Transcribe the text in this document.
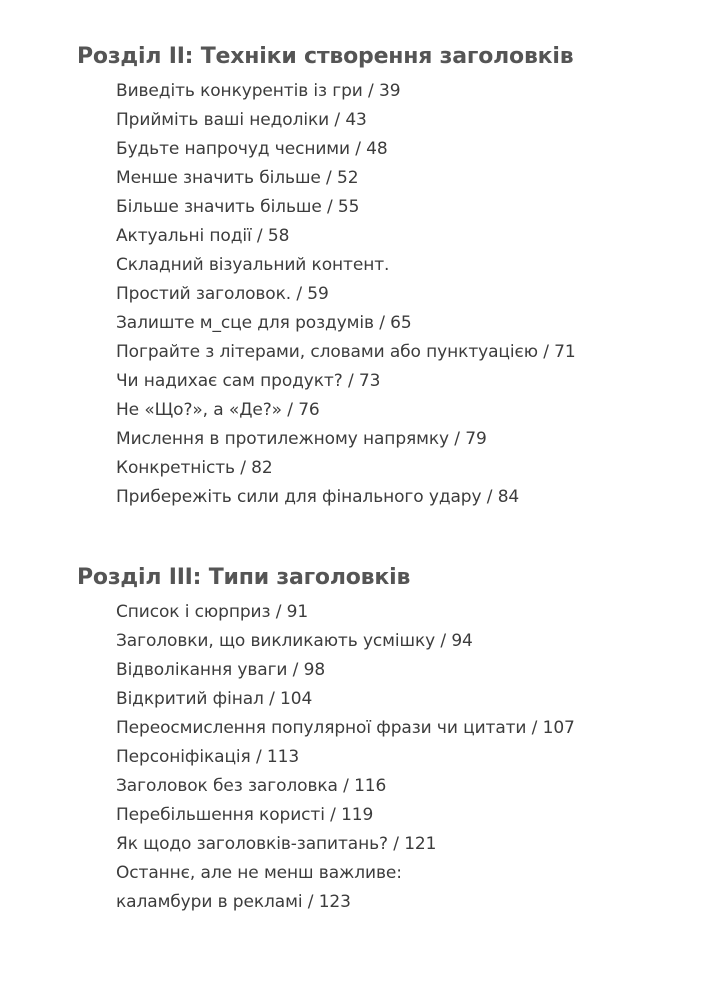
Розділ II: Техніки створення заголовків
Виведіть конкурентів із гри / 39
Прийміть ваші недоліки / 43
Будьте напрочуд чесними / 48
Менше значить більше / 52
Більше значить більше / 55
Актуальні події / 58
Складний візуальний контент.
Простий заголовок. / 59
Залиште м_сце для роздумів / 65
Пограйте з літерами, словами або пунктуацією / 71
Чи надихає сам продукт? / 73
Не «Що?», а «Де?» / 76
Мислення в протилежному напрямку / 79
Конкретність / 82
Прибережіть сили для фінального удару / 84
Розділ III: Типи заголовків
Список і сюрприз / 91
Заголовки, що викликають усмішку / 94
Відволікання уваги / 98
Відкритий фінал / 104
Переосмислення популярної фрази чи цитати / 107
Персоніфікація / 113
Заголовок без заголовка / 116
Перебільшення користі / 119
Як щодо заголовків-запитань? / 121
Останнє, але не менш важливе:
каламбури в рекламі / 123
